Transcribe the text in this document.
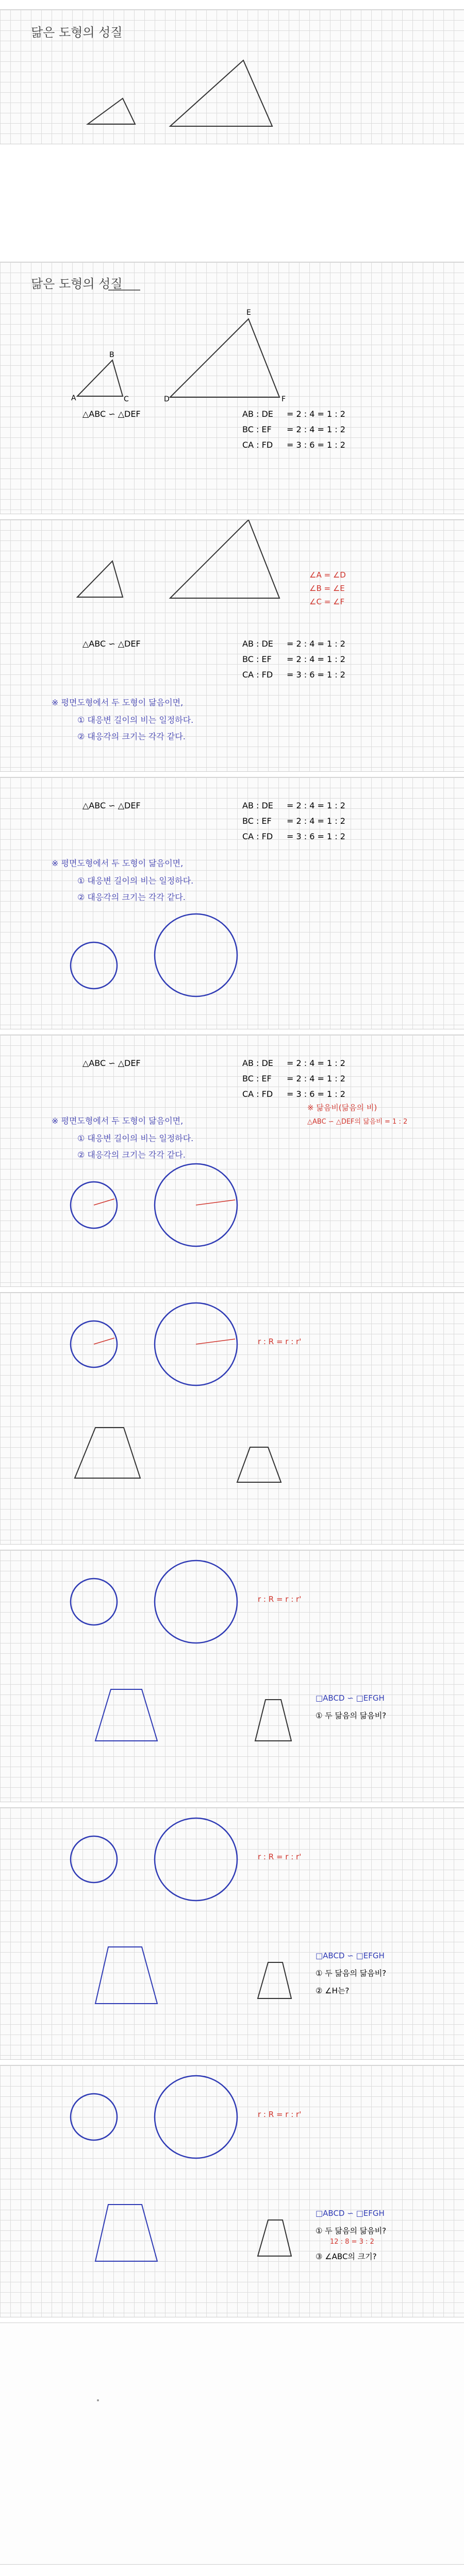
닮은 도형의 성질
닮은 도형의 성질
A
B
C	D
E
F
△ABC ∽ △DEF	AB : DE = 2 : 4 = 1 : 2
BC : EF = 2 : 4 = 1 : 2
CA : FD = 3 : 6 = 1 : 2
∠A = ∠D
∠B = ∠E
∠C = ∠F
△ABC ∽ △DEF	AB : DE = 2 : 4 = 1 : 2
BC : EF = 2 : 4 = 1 : 2
CA : FD = 3 : 6 = 1 : 2
※ 평면도형에서 두 도형이 닮음이면,
① 대응변 길이의 비는 일정하다.
② 대응각의 크기는 각각 같다.
△ABC ∽ △DEF	AB : DE = 2 : 4 = 1 : 2
BC : EF = 2 : 4 = 1 : 2
CA : FD = 3 : 6 = 1 : 2
※ 평면도형에서 두 도형이 닮음이면,
① 대응변 길이의 비는 일정하다.
② 대응각의 크기는 각각 같다.
△ABC ∽ △DEF	AB : DE = 2 : 4 = 1 : 2
BC : EF = 2 : 4 = 1 : 2
CA : FD = 3 : 6 = 1 : 2
※ 평면도형에서 두 도형이 닮음이면,
① 대응변 길이의 비는 일정하다.
② 대응각의 크기는 각각 같다.
※ 닮음비(닮음의 비)
△ABC ∽ △DEF의 닮음비 = 1 : 2
r : R = r : r'
r : R = r : r'
□ABCD ∽ □EFGH
① 두 닮음의 닮음비?
r : R = r : r'
□ABCD ∽ □EFGH
① 두 닮음의 닮음비?
② ∠H는?
r : R = r : r'
□ABCD ∽ □EFGH
① 두 닮음의 닮음비?
12 : 8 = 3 : 2
③ ∠ABC의 크기?
